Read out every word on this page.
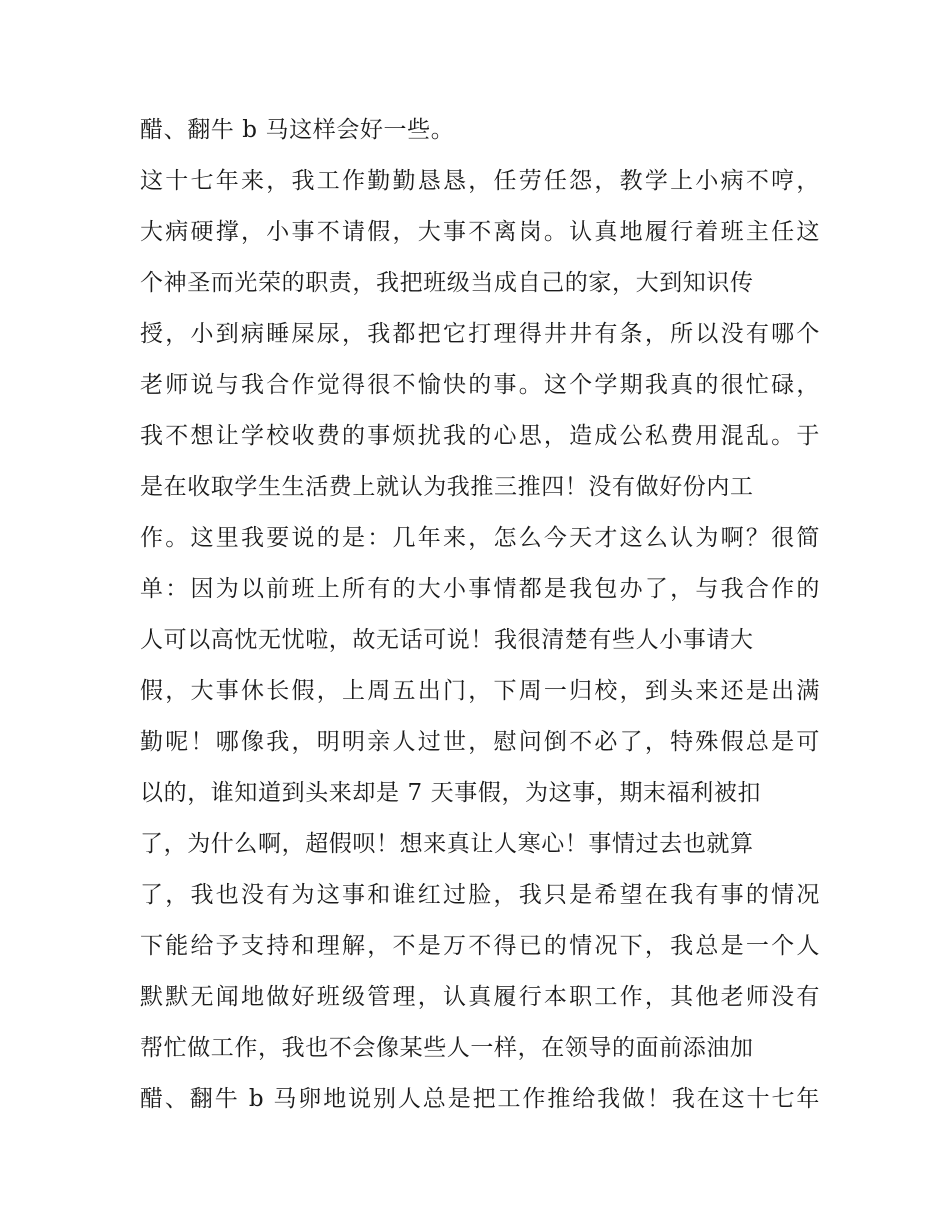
醋、翻牛 b 马这样会好一些。
这十七年来，我工作勤勤恳恳，任劳任怨，教学上小病不哼，
大病硬撑，小事不请假，大事不离岗。认真地履行着班主任这
个神圣而光荣的职责，我把班级当成自己的家，大到知识传
授，小到病睡屎尿，我都把它打理得井井有条，所以没有哪个
老师说与我合作觉得很不愉快的事。这个学期我真的很忙碌，
我不想让学校收费的事烦扰我的心思，造成公私费用混乱。于
是在收取学生生活费上就认为我推三推四！没有做好份内工
作。这里我要说的是：几年来，怎么今天才这么认为啊？很简
单：因为以前班上所有的大小事情都是我包办了，与我合作的
人可以高忱无忧啦，故无话可说！我很清楚有些人小事请大
假，大事休长假，上周五出门，下周一归校，到头来还是出满
勤呢！哪像我，明明亲人过世，慰问倒不必了，特殊假总是可
以的，谁知道到头来却是 7 天事假，为这事，期末福利被扣
了，为什么啊，超假呗！想来真让人寒心！事情过去也就算
了，我也没有为这事和谁红过脸，我只是希望在我有事的情况
下能给予支持和理解，不是万不得已的情况下，我总是一个人
默默无闻地做好班级管理，认真履行本职工作，其他老师没有
帮忙做工作，我也不会像某些人一样，在领导的面前添油加
醋、翻牛 b 马卵地说别人总是把工作推给我做！我在这十七年
